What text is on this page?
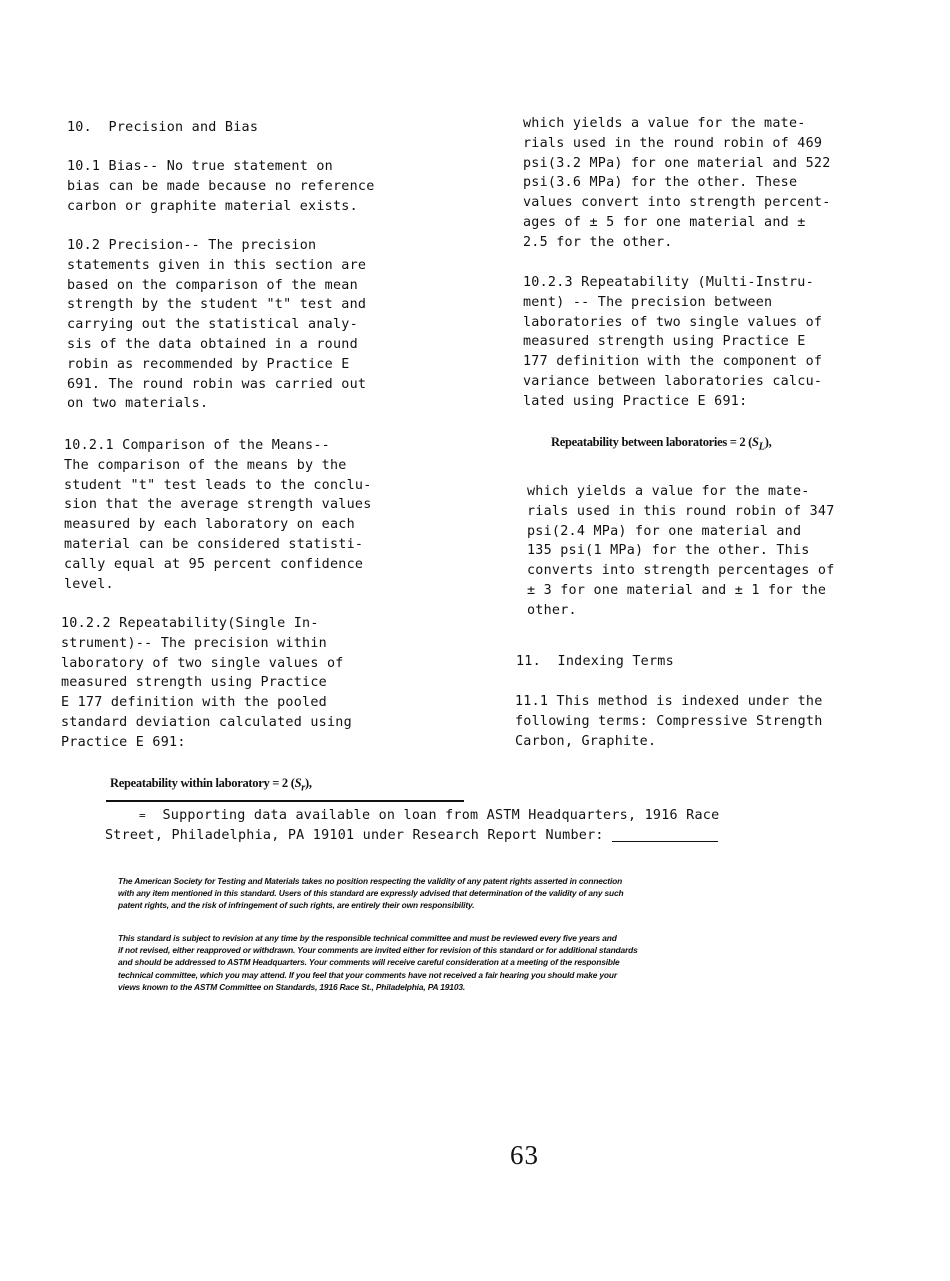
10.  Precision and Bias
10.1 Bias-- No true statement on
bias can be made because no reference
carbon or graphite material exists.
10.2 Precision-- The precision
statements given in this section are
based on the comparison of the mean
strength by the student "t" test and
carrying out the statistical analy-
sis of the data obtained in a round
robin as recommended by Practice E
691. The round robin was carried out
on two materials.
10.2.1 Comparison of the Means--
The comparison of the means by the
student "t" test leads to the conclu-
sion that the average strength values
measured by each laboratory on each
material can be considered statisti-
cally equal at 95 percent confidence
level.
10.2.2 Repeatability(Single In-
strument)-- The precision within
laboratory of two single values of
measured strength using Practice
E 177 definition with the pooled
standard deviation calculated using
Practice E 691:
Repeatability within laboratory = 2 $(S_r)$,
which yields a value for the mate-
rials used in the round robin of 469
psi(3.2 MPa) for one material and 522
psi(3.6 MPa) for the other. These
values convert into strength percent-
ages of ± 5 for one material and ±
2.5 for the other.
10.2.3 Repeatability (Multi-Instru-
ment) -- The precision between
laboratories of two single values of
measured strength using Practice E
177 definition with the component of
variance between laboratories calcu-
lated using Practice E 691:
Repeatability between laboratories = 2 $(S_L)$,
which yields a value for the mate-
rials used in this round robin of 347
psi(2.4 MPa) for one material and
135 psi(1 MPa) for the other. This
converts into strength percentages of
± 3 for one material and ± 1 for the
other.
11.  Indexing Terms
11.1 This method is indexed under the
following terms: Compressive Strength
Carbon, Graphite.
=  Supporting data available on loan from ASTM Headquarters, 1916 Race
Street, Philadelphia, PA 19101 under Research Report Number:
The American Society for Testing and Materials takes no position respecting the validity of any patent rights asserted in connection
with any item mentioned in this standard. Users of this standard are expressly advised that determination of the validity of any such
patent rights, and the risk of infringement of such rights, are entirely their own responsibility.
This standard is subject to revision at any time by the responsible technical committee and must be reviewed every five years and
if not revised, either reapproved or withdrawn. Your comments are invited either for revision of this standard or for additional standards
and should be addressed to ASTM Headquarters. Your comments will receive careful consideration at a meeting of the responsible
technical committee, which you may attend. If you feel that your comments have not received a fair hearing you should make your
views known to the ASTM Committee on Standards, 1916 Race St., Philadelphia, PA 19103.
63
